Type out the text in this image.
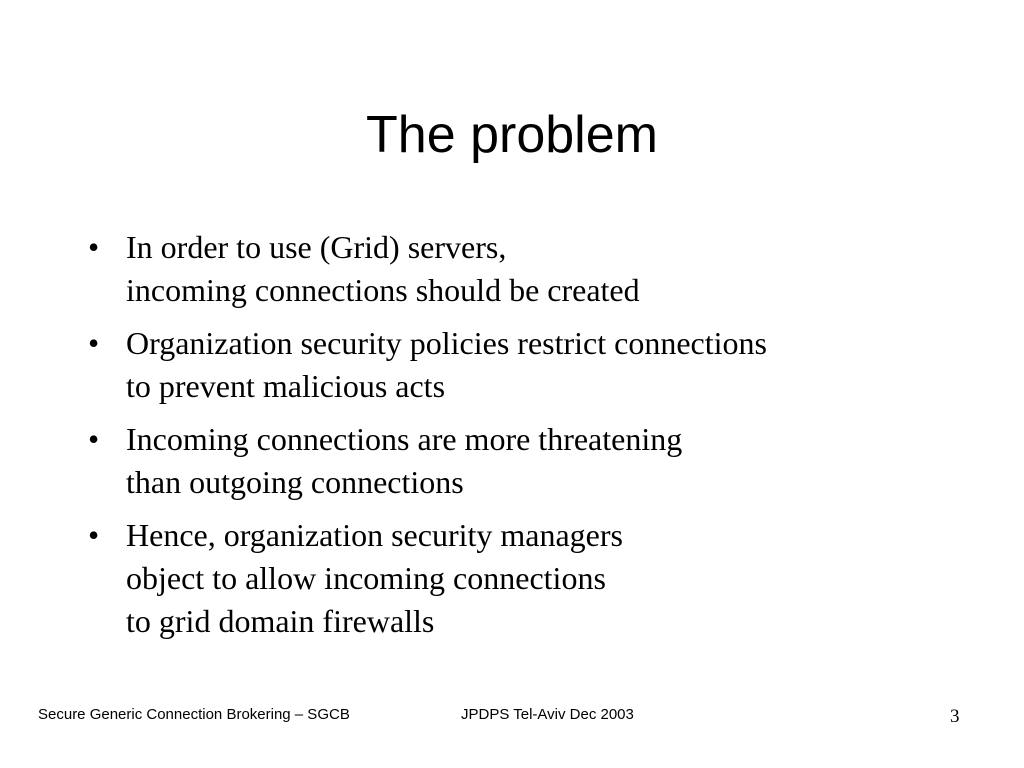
The problem
• In order to use (Grid) servers,
incoming connections should be created
• Organization security policies restrict connections
to prevent malicious acts
• Incoming connections are more threatening
than outgoing connections
• Hence, organization security managers
object to allow incoming connections
to grid domain firewalls
Secure Generic Connection Brokering – SGCB	JPDPS Tel-Aviv Dec 2003	3
